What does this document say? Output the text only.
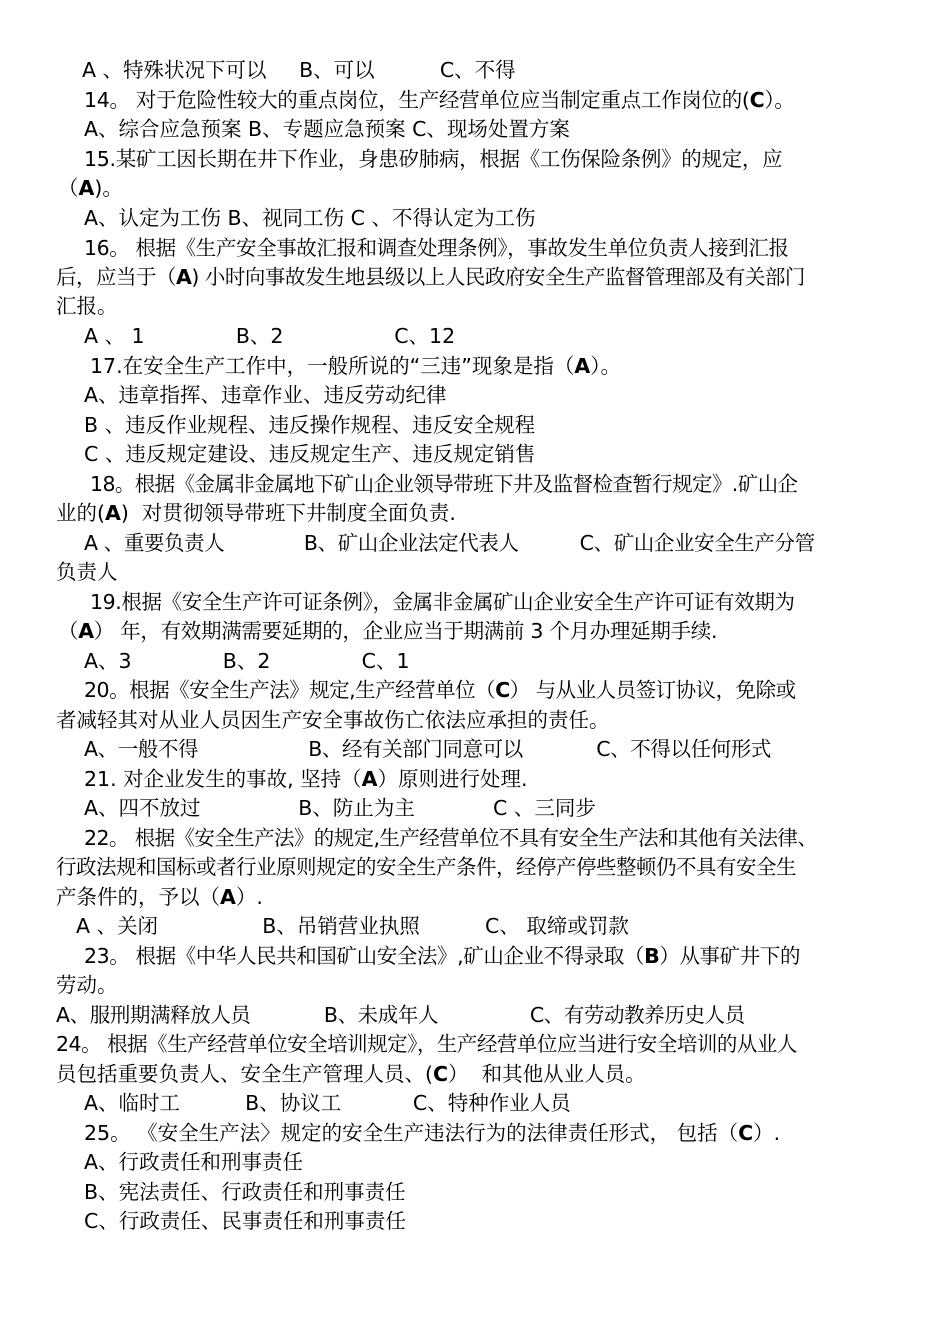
A 、特殊状况下可以     B、可以          C、不得
14。 对于危险性较大的重点岗位，生产经营单位应当制定重点工作岗位的(C）。
A、综合应急预案 B、专题应急预案 C、现场处置方案
15.某矿工因长期在井下作业，身患矽肺病，根据《工伤保险条例》的规定，应
（A)。
A、认定为工伤 B、视同工伤 C 、不得认定为工伤
16。 根据《生产安全事故汇报和调查处理条例》，事故发生单位负责人接到汇报
后，应当于（A) 小时向事故发生地县级以上人民政府安全生产监督管理部及有关部门
汇报。
A 、 1              B、2                 C、12
17.在安全生产工作中，一般所说的“三违”现象是指（A）。
A、违章指挥、违章作业、违反劳动纪律
B 、违反作业规程、违反操作规程、违反安全规程
C 、违反规定建设、违反规定生产、违反规定销售
18。根据《金属非金属地下矿山企业领导带班下井及监督检查暂行规定》.矿山企
业的(A)  对贯彻领导带班下井制度全面负责.
A 、重要负责人             B、矿山企业法定代表人          C、矿山企业安全生产分管
负责人
19.根据《安全生产许可证条例》，金属非金属矿山企业安全生产许可证有效期为
（A） 年，有效期满需要延期的，企业应当于期满前 3 个月办理延期手续.
A、3              B、2              C、1
20。根据《安全生产法》规定,生产经营单位（C） 与从业人员签订协议，免除或
者减轻其对从业人员因生产安全事故伤亡依法应承担的责任。
A、一般不得                  B、经有关部门同意可以            C、不得以任何形式
21. 对企业发生的事故, 坚持（A）原则进行处理.
A、四不放过               B、防止为主            C 、三同步
22。 根据《安全生产法》的规定,生产经营单位不具有安全生产法和其他有关法律、
行政法规和国标或者行业原则规定的安全生产条件，经停产停些整顿仍不具有安全生
产条件的，予以（A）.
A 、关闭                B、吊销营业执照          C、 取缔或罚款
23。 根据《中华人民共和国矿山安全法》,矿山企业不得录取（B）从事矿井下的
劳动。
A、服刑期满释放人员            B、未成年人               C、有劳动教养历史人员
24。 根据《生产经营单位安全培训规定》，生产经营单位应当进行安全培训的从业人
员包括重要负责人、安全生产管理人员、(C）  和其他从业人员。
A、临时工          B、协议工           C、特种作业人员
25。 《安全生产法〉规定的安全生产违法行为的法律责任形式， 包括（C）.
A、行政责任和刑事责任
B、宪法责任、行政责任和刑事责任
C、行政责任、民事责任和刑事责任
